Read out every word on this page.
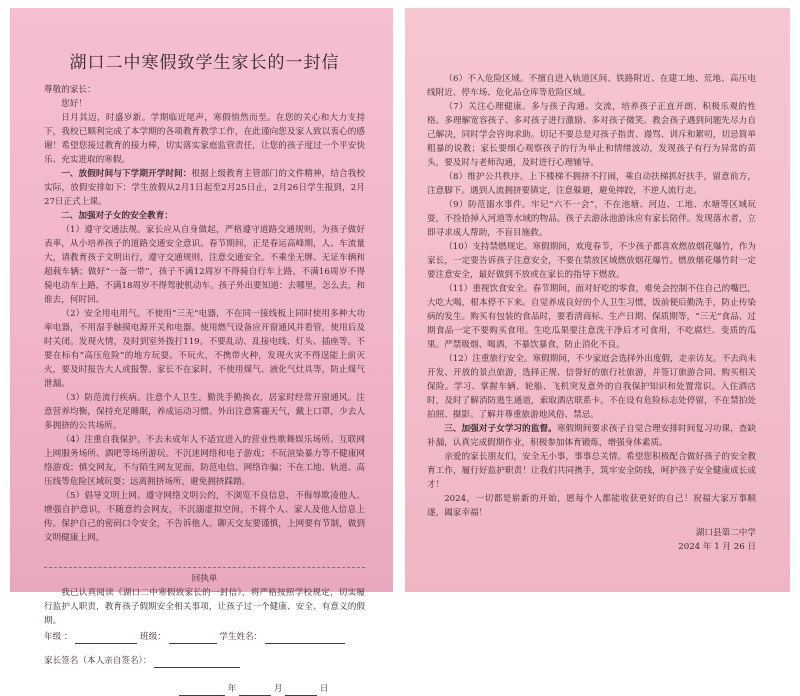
湖口二中寒假致学生家长的一封信

尊敬的家长：

您好！

日月其迈，时盛岁新。学期临近尾声，寒假悄然而至。在您的关心和大力支持下，我校已顺利完成了本学期的各项教育教学工作，在此谨向您及家人致以衷心的感谢！希望您接过教育的接力棒，切实落实家庭监管责任，让您的孩子度过一个平安快乐、充实进取的寒假。

一、放假时间与下学期开学时间：根据上级教育主管部门的文件精神，结合我校实际，放假安排如下：学生放假从2月1日起至2月25日止，2月26日学生报到，2月27日正式上课。

二、加强对子女的安全教育：

（1）遵守交通法规。家长应从自身做起，严格遵守道路交通规则，为孩子做好表率，从小培养孩子的道路交通安全意识。春节期间，正是春运高峰期，人、车流量大，请教育孩子文明出行，遵守交通规则，注意交通安全。不乘坐无牌、无证车辆和超载车辆；做好“一盔一带”，孩子不满12周岁不得骑自行车上路，不满16周岁不得骑电动车上路，不满18周岁不得驾驶机动车。孩子外出要知道：去哪里，怎么去，和谁去，何时回。

（2）安全用电用气。不使用“三无”电器，不在同一接线板上同时使用多种大功率电器，不用湿手触摸电源开关和电器。使用燃气设备应开窗通风并看管，使用后及时关闭。发现火情，及时到室外拨打119。不要乱动、乱接电线、灯头、插座等。不要在标有“高压危险”的地方玩耍。不玩火，不携带火种，发现火灾不得逞能上前灭火，要及时报告大人或报警。家长不在家时，不使用煤气、液化气灶具等，防止煤气泄漏。

（3）防范流行疾病。注意个人卫生，勤洗手勤换衣，居家时经常开窗通风。注意营养均衡，保持充足睡眠，养成运动习惯。外出注意雾霾天气，戴上口罩，少去人多拥挤的公共场所。

（4）注重自我保护。不去未成年人不适宜进入的营业性歌舞娱乐场所、互联网上网服务场所、酒吧等场所游玩。不沉迷网络和电子游戏；不玩渲染暴力等不健康网络游戏；慎交网友，不与陌生网友见面，防范电信、网络诈骗；不在工地、轨道、高压线等危险区域玩耍；远离拥挤场所，避免拥挤踩踏。

（5）倡导文明上网。遵守网络文明公约，不浏览不良信息，不侮辱欺凌他人。增强自护意识，不随意约会网友，不沉溺虚拟空间，不将个人、家人及他人信息上传。保护自己的密码口令安全，不告诉他人。聊天交友要谨慎，上网要有节制，做到文明健康上网。

回执单

我已认真阅读《湖口二中寒假致家长的一封信》，将严格按照学校规定，切实履行监护人职责，教育孩子假期安全相关事项，让孩子过一个健康、安全、有意义的假期。

年级 ：	班级：	学生姓名：
家长签名（本人亲自签名）：
年	月	日

（6）不入危险区域。不擅自进入轨道区间、铁路附近、在建工地、荒地、高压电线附近、停车场、危化品仓库等危险区域。

（7）关注心理健康。多与孩子沟通、交流，培养孩子正直开朗、积极乐观的性格。多理解宽容孩子、多对孩子进行激励、多对孩子微笑。教会孩子遇到问题先尽力自己解决，同时学会咨询求助。切记不要总是对孩子指责、谩骂、训斥和絮叨，切忌简单粗暴的说教；家长要细心观察孩子的行为举止和情绪波动，发现孩子有行为异常的苗头，要及时与老师沟通，及时进行心理辅导。

（8）维护公共秩序。上下楼梯不拥挤不打闹，乘自动扶梯抓好扶手，留意前方，注意脚下。遇到人流拥挤要镇定，注意躲避，避免摔跤，不逆人流行走。

（9）防范溺水事件。牢记“六不一会”，不在池塘、河边、工地、水塘等区域玩耍，不捡拾掉入河道等水域的物品。孩子去游泳池游泳应有家长陪伴。发现落水者，立即寻求成人帮助，不盲目施救。

（10）支持禁燃规定。寒假期间，欢度春节，不少孩子都喜欢燃放烟花爆竹，作为家长，一定要告诉孩子注意安全，不要在禁放区域燃放烟花爆竹。燃放烟花爆竹时一定要注意安全，最好做到不放或在家长的指导下燃放。

（11）重视饮食安全。春节期间，面对好吃的零食，难免会控制不住自己的嘴巴，大吃大喝，根本停不下来。自觉养成良好的个人卫生习惯，饭前便后勤洗手，防止传染病的发生。购买有包装的食品时，要看清商标、生产日期、保质期等，“三无”食品、过期食品一定不要购买食用。生吃瓜果要注意洗干净后才可食用，不吃腐烂、变质的瓜果。严禁吸烟、喝酒，不暴饮暴食，防止消化不良。

（12）注重旅行安全。寒假期间，不少家庭会选择外出度假，走亲访友。不去尚未开发、开放的景点旅游，选择正规、信誉好的旅行社旅游，并签订旅游合同、购买相关保险。学习、掌握车辆、轮船、飞机突发意外的自我保护知识和处置常识。入住酒店时，及时了解消防逃生通道，索取酒店联系卡。不在设有危险标志处停留，不在禁拍处拍照、摄影。了解并尊重旅游地风俗、禁忌。

三、加强对子女学习的监督。寒假期间要求孩子自觉合理安排时间复习功课，查缺补漏，认真完成假期作业，积极参加体育锻炼，增强身体素质。

亲爱的家长朋友们，安全无小事，事事总关情。希望您积极配合做好孩子的安全教育工作，履行好监护职责！让我们共同携手，筑牢安全防线，呵护孩子安全健康成长成才！

2024，一切都是崭新的开始，愿每个人都能收获更好的自己！祝福大家万事顺遂，阖家幸福！

湖口县第二中学
2024 年 1 月 26 日
